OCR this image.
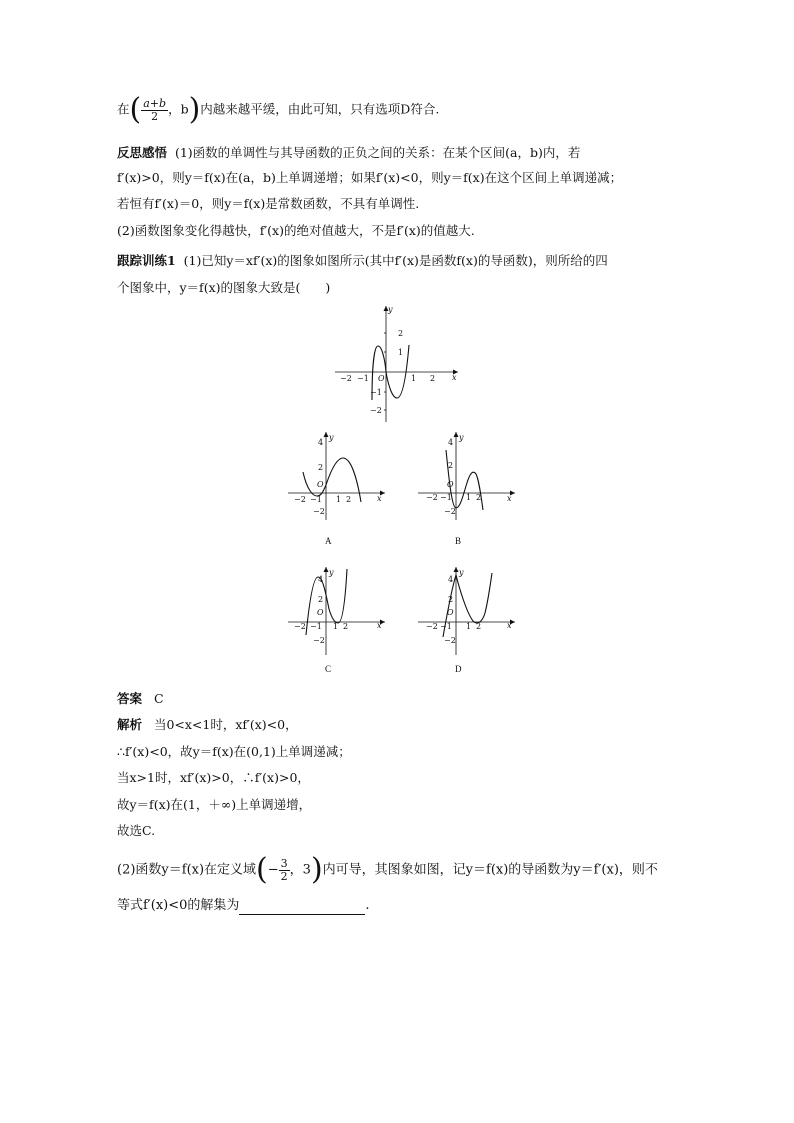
在( $\frac{a+b}{2}$ ，b)内越来越平缓，由此可知，只有选项D符合.
反思感悟 (1)函数的单调性与其导函数的正负之间的关系：在某个区间(a，b)内，若
f′(x)>0，则y＝f(x)在(a，b)上单调递增；如果f′(x)<0，则y＝f(x)在这个区间上单调递减；
若恒有f′(x)＝0，则y＝f(x)是常数函数，不具有单调性.
(2)函数图象变化得越快，f′(x)的绝对值越大，不是f′(x)的值越大.
跟踪训练1 (1)已知y＝xf′(x)的图象如图所示(其中f′(x)是函数f(x)的导函数)，则所给的四
个图象中，y＝f(x)的图象大致是(　　)
−2 −1	1 2
2
1
−1
−2
O	x
y
−2 −1 1 2
4
2
−2
O
x
y
A
−2 −1 1 2
4
2
−2
O
x
y
B
−2 −1 1 2
4
2
−2
O
x
y
C
−2 −1 1 2
4
2
−2
O
x
y
D
答案 C
解析 当0<x<1时，xf′(x)<0，
∴f′(x)<0，故y＝f(x)在(0,1)上单调递减；
当x>1时，xf′(x)>0，∴f′(x)>0，
故y＝f(x)在(1，＋∞)上单调递增，
故选C.
(2)函数y＝f(x)在定义域(− $\frac{3}{2}$ ，3)内可导，其图象如图，记y＝f(x)的导函数为y＝f′(x)，则不
等式f′(x)<0的解集为	.
